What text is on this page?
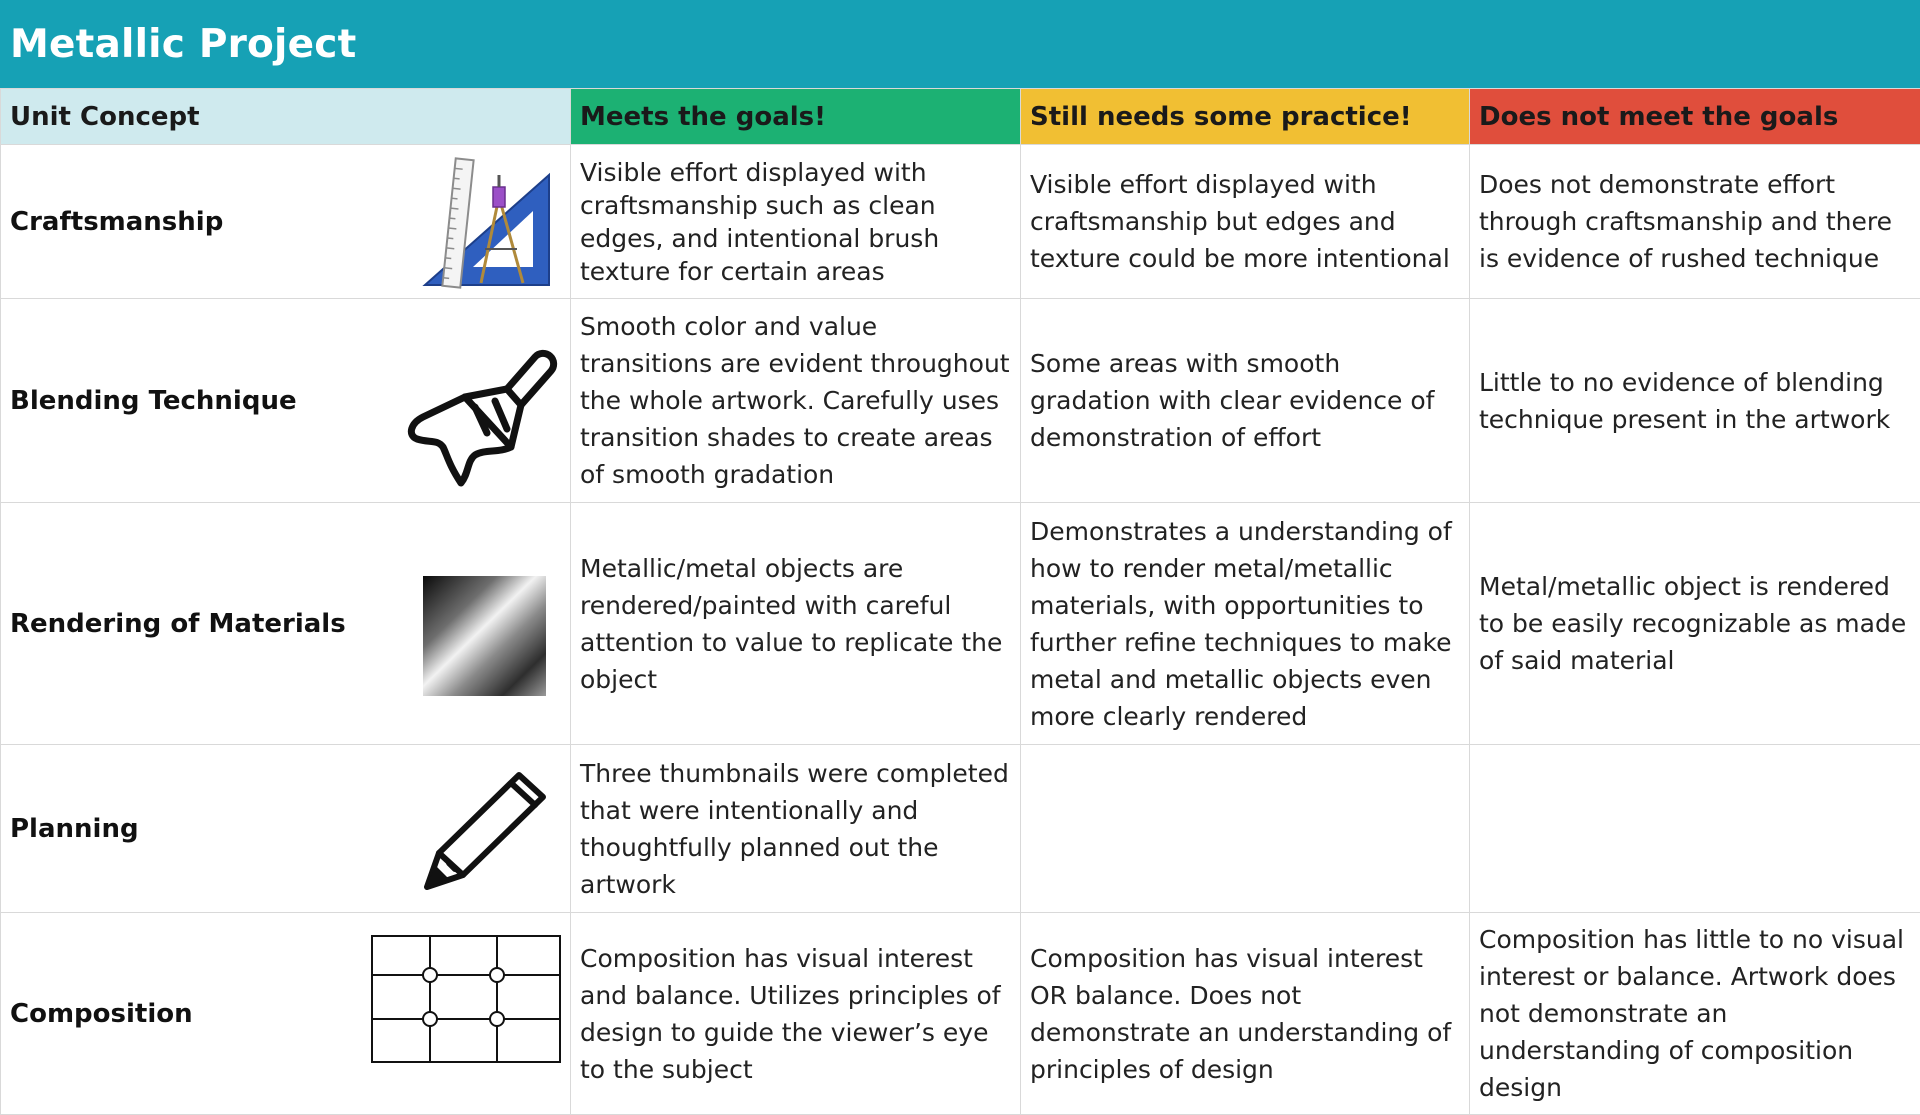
Metallic Project
Unit Concept	Meets the goals!	Still needs some practice!	Does not meet the goals

Craftsmanship	Visible effort displayed with craftsmanship such as clean edges, and intentional brush texture for certain areas	Visible effort displayed with craftsmanship but edges and texture could be more intentional	Does not demonstrate effort through craftsmanship and there is evidence of rushed technique

Blending Technique	Smooth color and value transitions are evident throughout the whole artwork. Carefully uses transition shades to create areas of smooth gradation	Some areas with smooth gradation with clear evidence of demonstration of effort	Little to no evidence of blending technique present in the artwork

Rendering of Materials	Metallic/metal objects are rendered/painted with careful attention to value to replicate the object	Demonstrates a understanding of how to render metal/metallic materials, with opportunities to further refine techniques to make metal and metallic objects even more clearly rendered	Metal/metallic object is rendered to be easily recognizable as made of said material

Planning	Three thumbnails were completed that were intentionally and thoughtfully planned out the artwork		

Composition	Composition has visual interest and balance. Utilizes principles of design to guide the viewer’s eye to the subject	Composition has visual interest OR balance. Does not demonstrate an understanding of principles of design	Composition has little to no visual interest or balance. Artwork does not demonstrate an understanding of composition design
